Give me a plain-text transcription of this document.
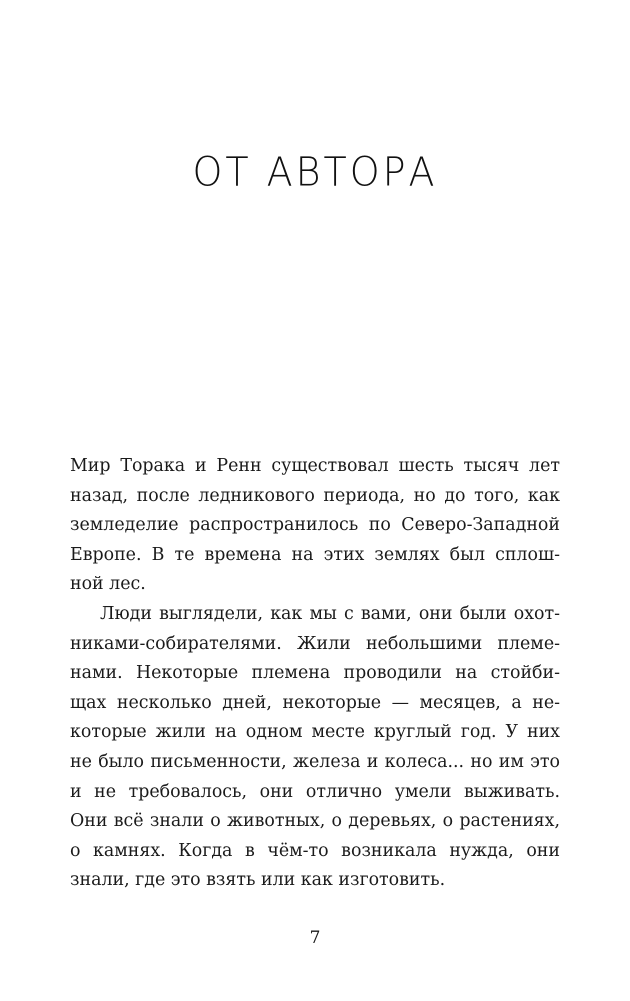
ОТ АВТОРА
Мир Торака и Ренн существовал шесть тысяч лет
назад, после ледникового периода, но до того, как
земледелие распространилось по Северо-Западной
Европе. В те времена на этих землях был сплош-
ной лес.
Люди выглядели, как мы с вами, они были охот-
никами-собирателями. Жили небольшими племе-
нами. Некоторые племена проводили на стойби-
щах несколько дней, некоторые — месяцев, а не-
которые жили на одном месте круглый год. У них
не было письменности, железа и колеса... но им это
и не требовалось, они отлично умели выживать.
Они всё знали о животных, о деревьях, о растениях,
о камнях. Когда в чём-то возникала нужда, они
знали, где это взять или как изготовить.
7
